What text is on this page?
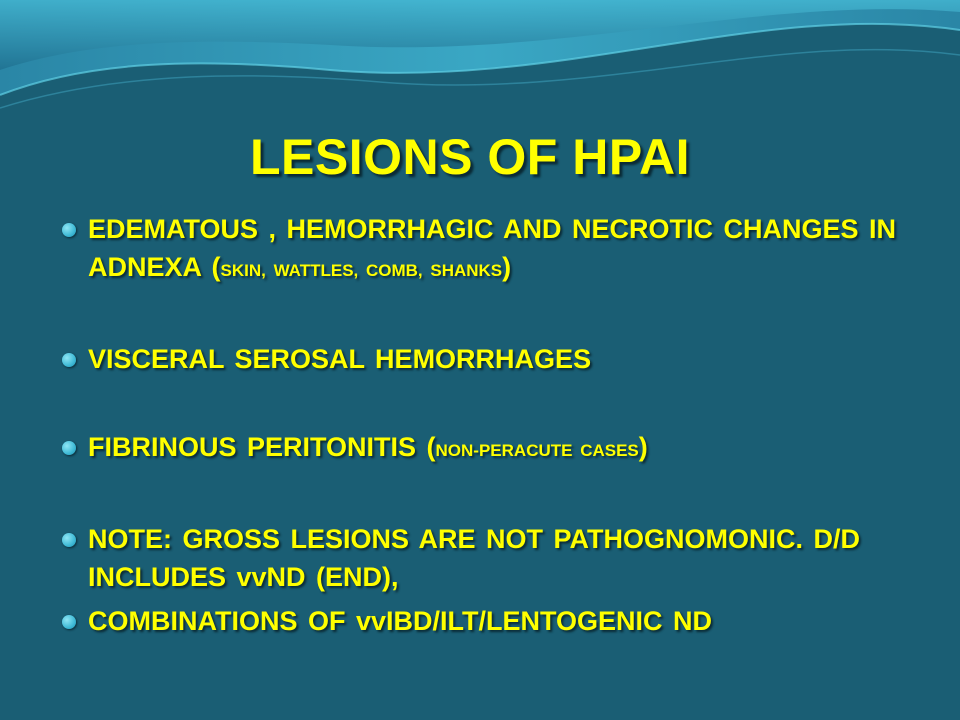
LESIONS OF HPAI
EDEMATOUS , HEMORRHAGIC AND NECROTIC CHANGES IN ADNEXA (SKIN, WATTLES, COMB, SHANKS)
VISCERAL SEROSAL HEMORRHAGES
FIBRINOUS PERITONITIS (NON-PERACUTE CASES)
NOTE: GROSS LESIONS ARE NOT PATHOGNOMONIC. D/D INCLUDES vvND (END),
COMBINATIONS OF vvIBD/ILT/LENTOGENIC ND
